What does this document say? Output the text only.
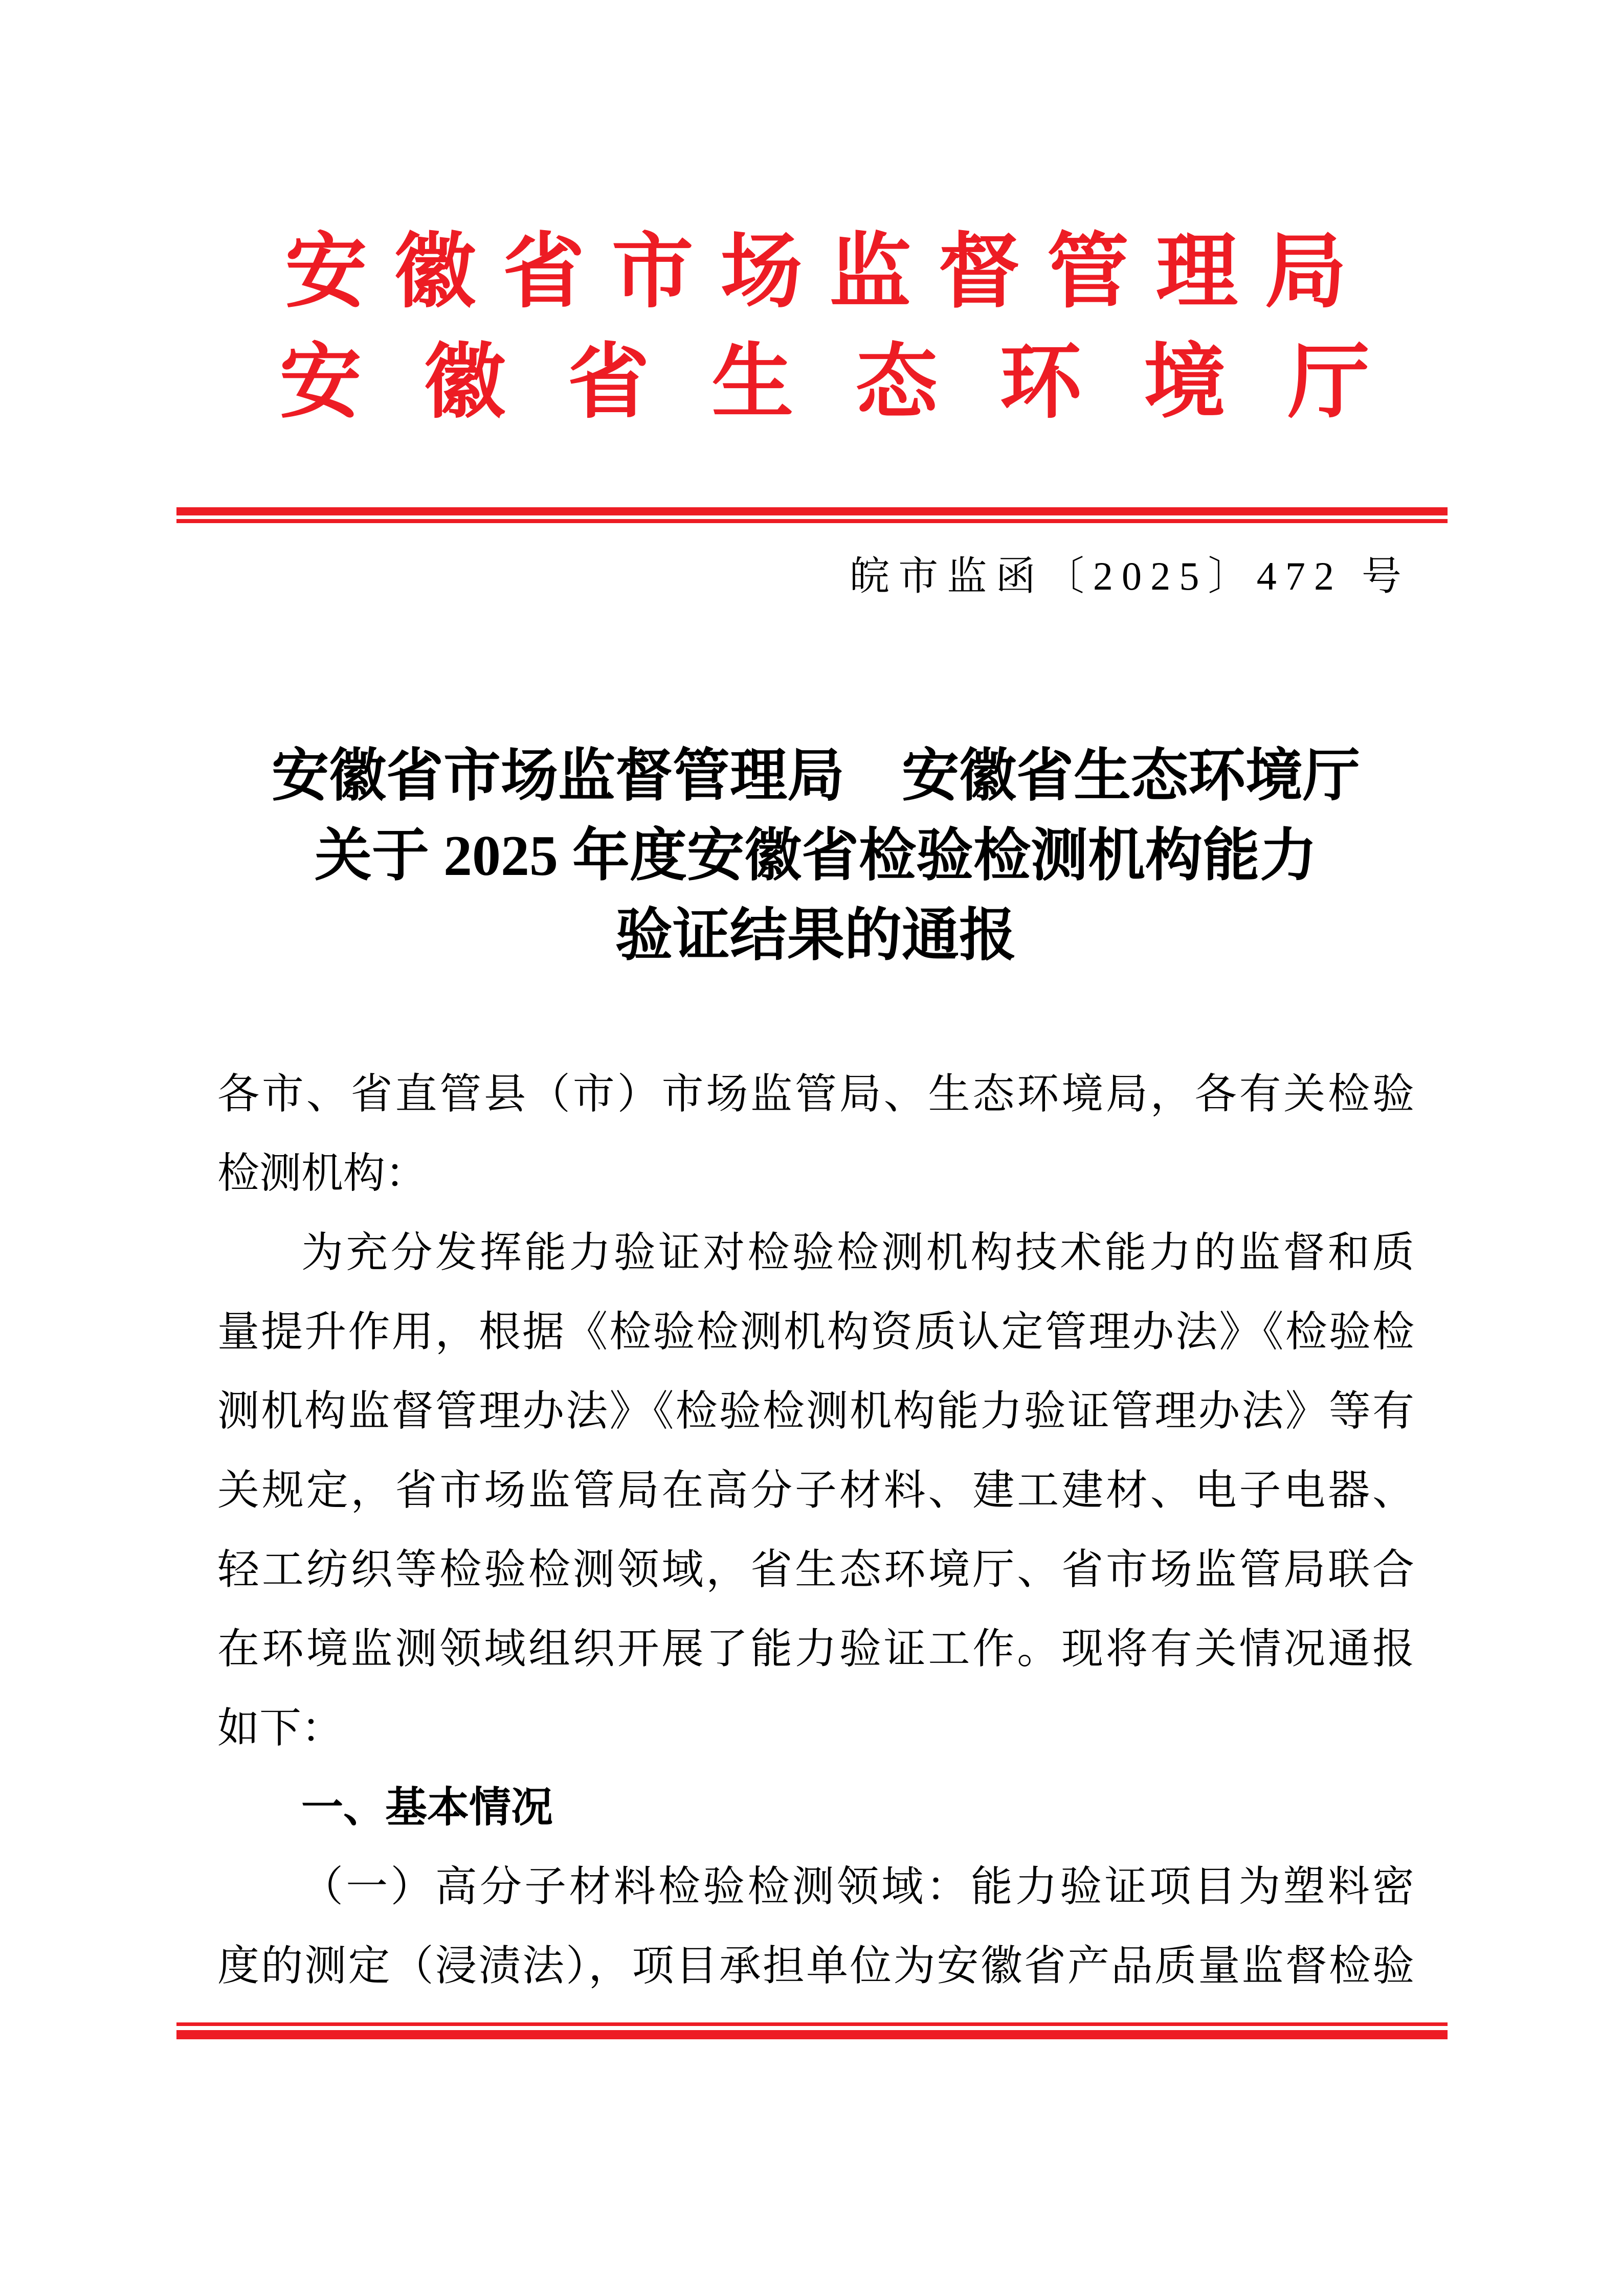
安徽省市场监督管理局
安徽省生态环境厅
皖市监函〔2025〕472 号
安徽省市场监督管理局　安徽省生态环境厅
关于 2025 年度安徽省检验检测机构能力
验证结果的通报
各市、省直管县（市）市场监管局、生态环境局，各有关检验
检测机构：
为充分发挥能力验证对检验检测机构技术能力的监督和质
量提升作用，根据《检验检测机构资质认定管理办法》《检验检
测机构监督管理办法》《检验检测机构能力验证管理办法》等有
关规定，省市场监管局在高分子材料、建工建材、电子电器、
轻工纺织等检验检测领域，省生态环境厅、省市场监管局联合
在环境监测领域组织开展了能力验证工作。现将有关情况通报
如下：
一、基本情况
（一）高分子材料检验检测领域：能力验证项目为塑料密
度的测定（浸渍法），项目承担单位为安徽省产品质量监督检验
